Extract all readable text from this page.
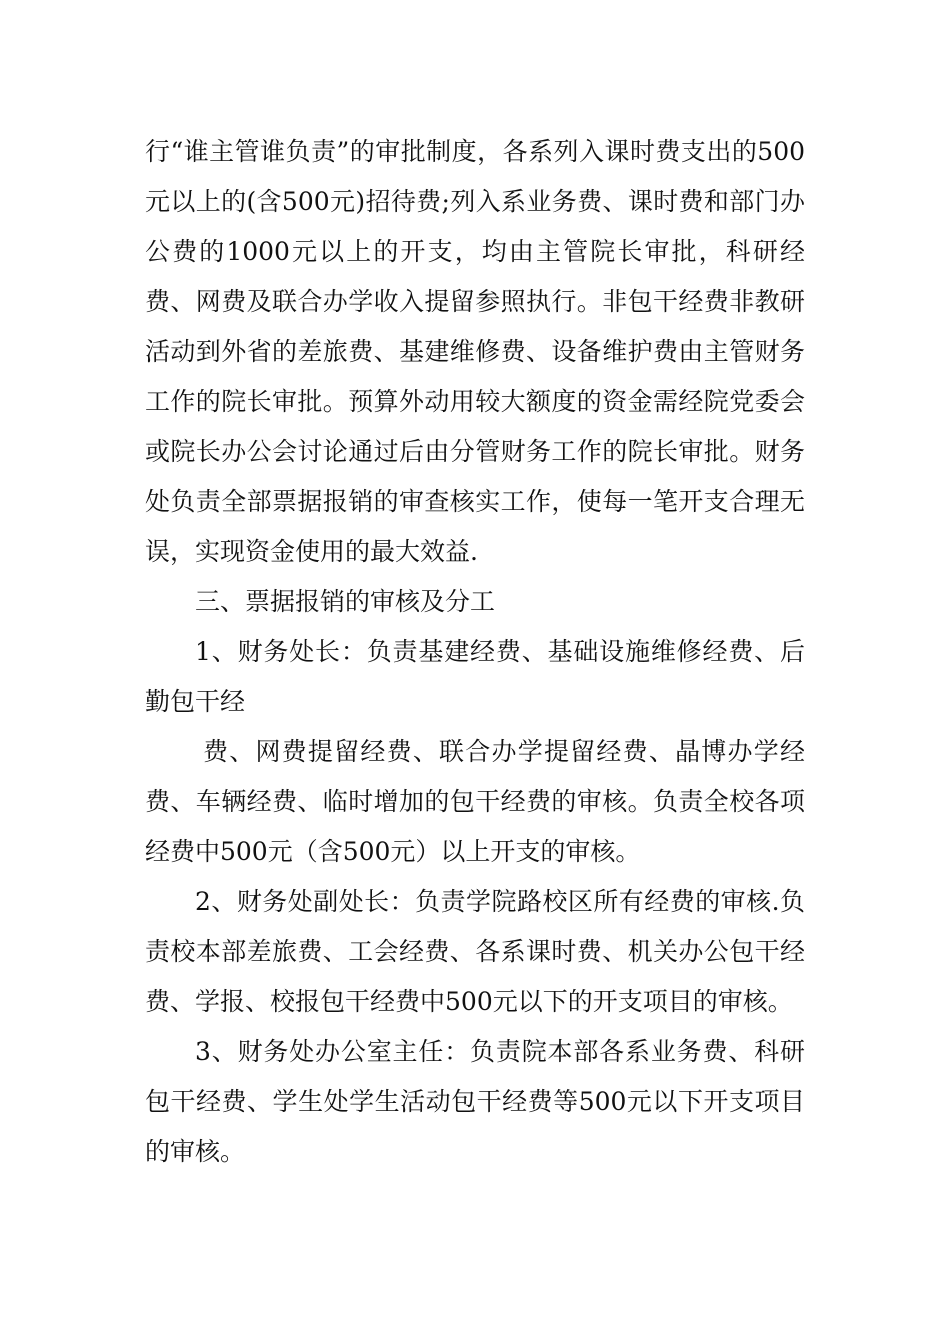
行“谁主管谁负责”的审批制度，各系列入课时费支出的500元以上的(含500元)招待费;列入系业务费、课时费和部门办公费的1000元以上的开支，均由主管院长审批，科研经费、网费及联合办学收入提留参照执行。非包干经费非教研活动到外省的差旅费、基建维修费、设备维护费由主管财务工作的院长审批。预算外动用较大额度的资金需经院党委会或院长办公会讨论通过后由分管财务工作的院长审批。财务处负责全部票据报销的审查核实工作，使每一笔开支合理无误，实现资金使用的最大效益.

三、票据报销的审核及分工

1、财务处长：负责基建经费、基础设施维修经费、后勤包干经

费、网费提留经费、联合办学提留经费、晶博办学经费、车辆经费、临时增加的包干经费的审核。负责全校各项经费中500元（含500元）以上开支的审核。

2、财务处副处长：负责学院路校区所有经费的审核.负责校本部差旅费、工会经费、各系课时费、机关办公包干经费、学报、校报包干经费中500元以下的开支项目的审核。

3、财务处办公室主任：负责院本部各系业务费、科研包干经费、学生处学生活动包干经费等500元以下开支项目的审核。
